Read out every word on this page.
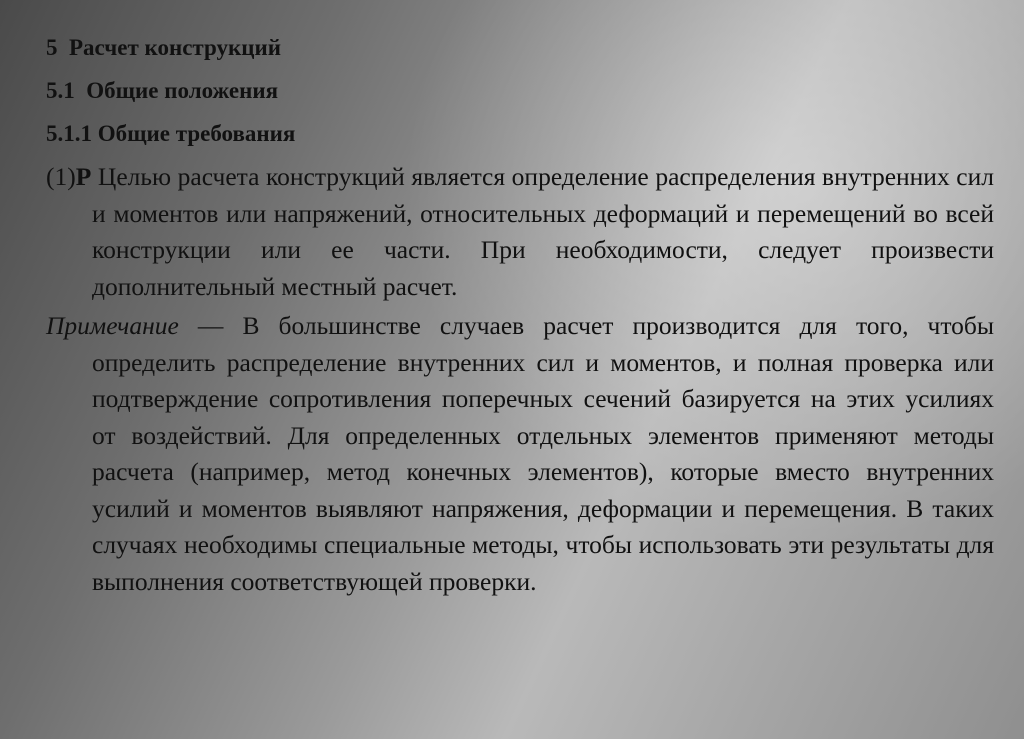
5 Расчет конструкций

5.1 Общие положения

5.1.1 Общие требования

(1)P Целью расчета конструкций является определение распределения внутренних сил и моментов или напряжений, относительных деформаций и перемещений во всей конструкции или ее части. При необходимости, следует произвести дополнительный местный расчет.

Примечание — В большинстве случаев расчет производится для того, чтобы определить распределение внутренних сил и моментов, и полная проверка или подтверждение сопротивления поперечных сечений базируется на этих усилиях от воздействий. Для определенных отдельных элементов применяют методы расчета (например, метод конечных элементов), которые вместо внутренних усилий и моментов выявляют напряжения, деформации и перемещения. В таких случаях необходимы специальные методы, чтобы использовать эти результаты для выполнения соответствующей проверки.
